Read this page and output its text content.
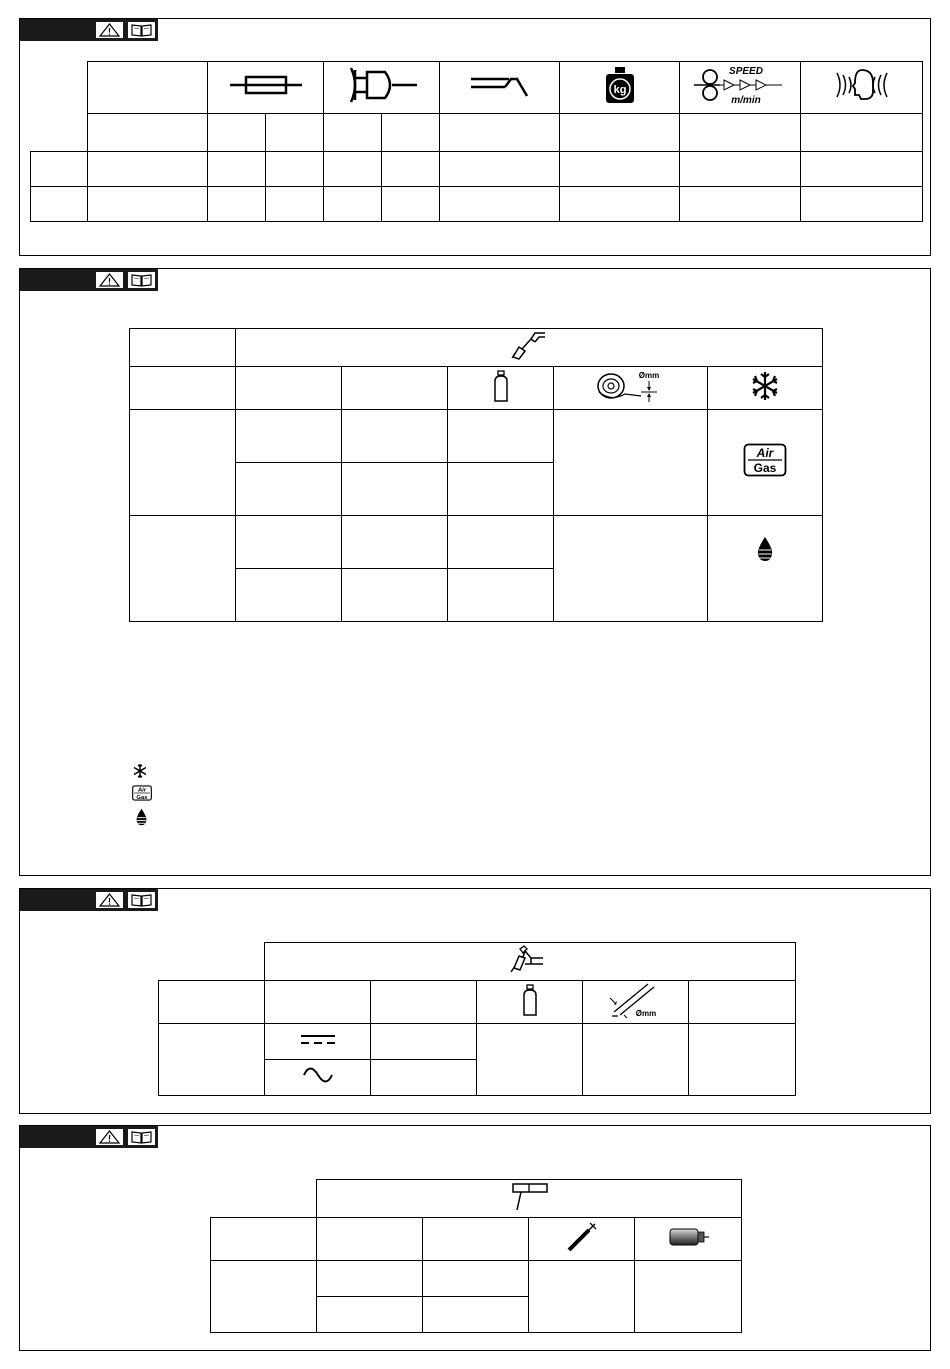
kg	SPEED
m/min

Ømm

Air
Gas

Air
Gas

Ømm	
